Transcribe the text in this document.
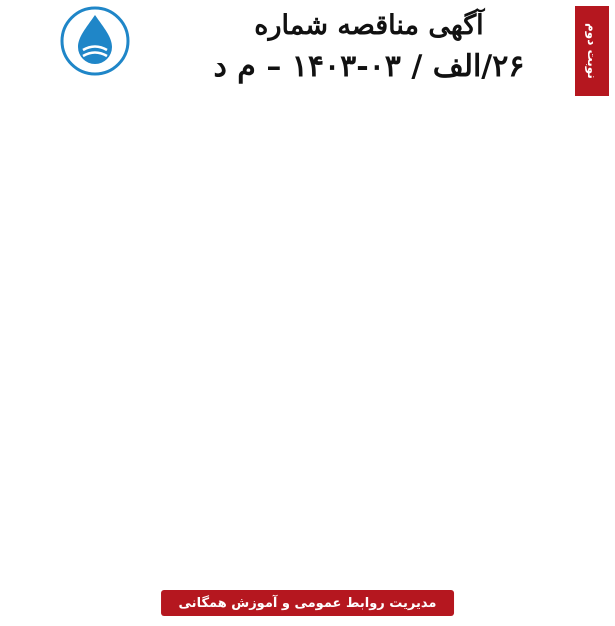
نوبت دوم
آگهی مناقصه شماره
۲۶/الف / ۰۳-۱۴۰۳ – م د

مدیریت روابط عمومی و آموزش همگانی
